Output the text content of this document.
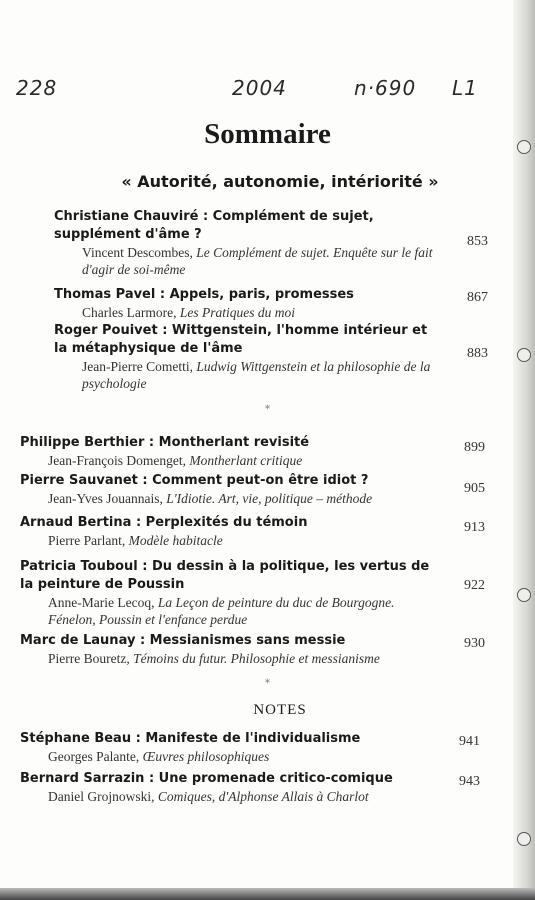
228	2004	n·690 L1
Sommaire
« Autorité, autonomie, intériorité »
Christiane Chauviré : Complément de sujet, supplément d'âme ?
Vincent Descombes, Le Complément de sujet. Enquête sur le fait d'agir de soi-même
853
Thomas Pavel : Appels, paris, promesses
Charles Larmore, Les Pratiques du moi
867
Roger Pouivet : Wittgenstein, l'homme intérieur et la métaphysique de l'âme
Jean-Pierre Cometti, Ludwig Wittgenstein et la philosophie de la psychologie
883
*
Philippe Berthier : Montherlant revisité
Jean-François Domenget, Montherlant critique
899
Pierre Sauvanet : Comment peut-on être idiot ?
Jean-Yves Jouannais, L'Idiotie. Art, vie, politique – méthode
905
Arnaud Bertina : Perplexités du témoin
Pierre Parlant, Modèle habitacle
913
Patricia Touboul : Du dessin à la politique, les vertus de la peinture de Poussin
Anne-Marie Lecoq, La Leçon de peinture du duc de Bourgogne. Fénelon, Poussin et l'enfance perdue
922
Marc de Launay : Messianismes sans messie
Pierre Bouretz, Témoins du futur. Philosophie et messianisme
930
*
NOTES
Stéphane Beau : Manifeste de l'individualisme
Georges Palante, Œuvres philosophiques
941
Bernard Sarrazin : Une promenade critico-comique
Daniel Grojnowski, Comiques, d'Alphonse Allais à Charlot
943
